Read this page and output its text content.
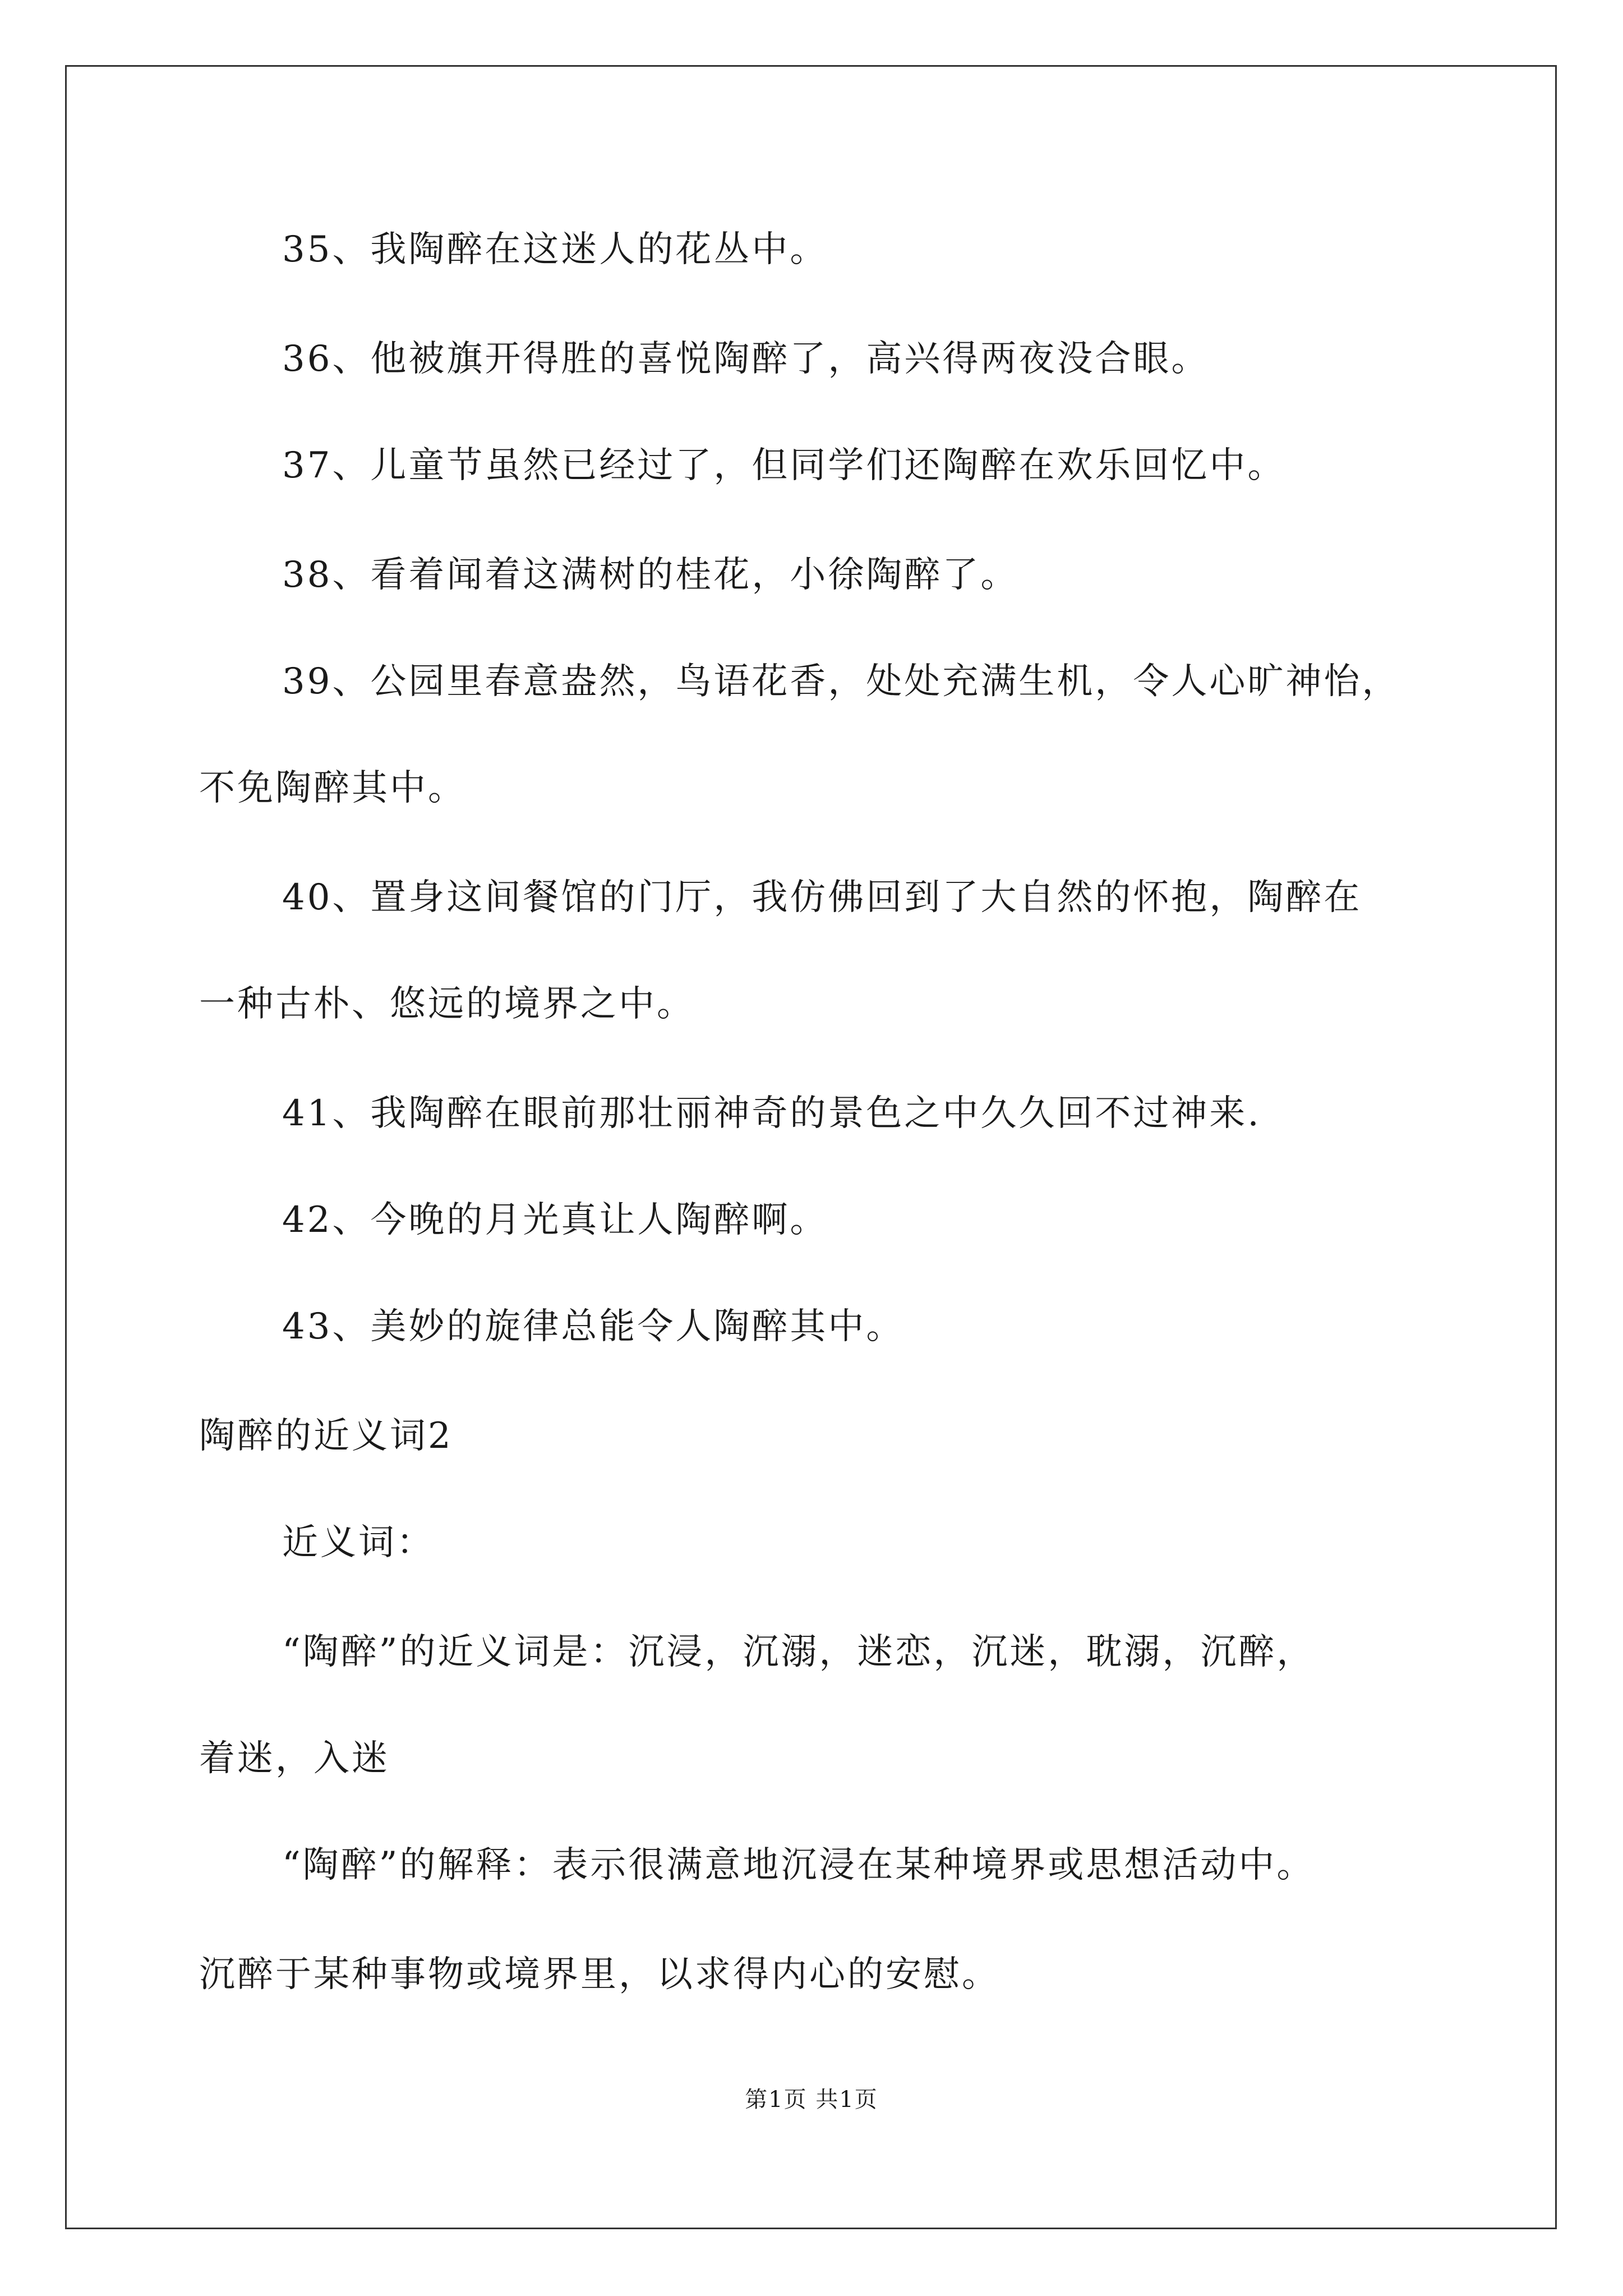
35、我陶醉在这迷人的花丛中。
36、他被旗开得胜的喜悦陶醉了，高兴得两夜没合眼。
37、儿童节虽然已经过了，但同学们还陶醉在欢乐回忆中。
38、看着闻着这满树的桂花，小徐陶醉了。
39、公园里春意盎然，鸟语花香，处处充满生机，令人心旷神怡，
不免陶醉其中。
40、置身这间餐馆的门厅，我仿佛回到了大自然的怀抱，陶醉在
一种古朴、悠远的境界之中。
41、我陶醉在眼前那壮丽神奇的景色之中久久回不过神来.
42、今晚的月光真让人陶醉啊。
43、美妙的旋律总能令人陶醉其中。
陶醉的近义词2
近义词：
“陶醉”的近义词是：沉浸，沉溺，迷恋，沉迷，耽溺，沉醉，
着迷，入迷
“陶醉”的解释：表示很满意地沉浸在某种境界或思想活动中。
沉醉于某种事物或境界里，以求得内心的安慰。
第1页 共1页
